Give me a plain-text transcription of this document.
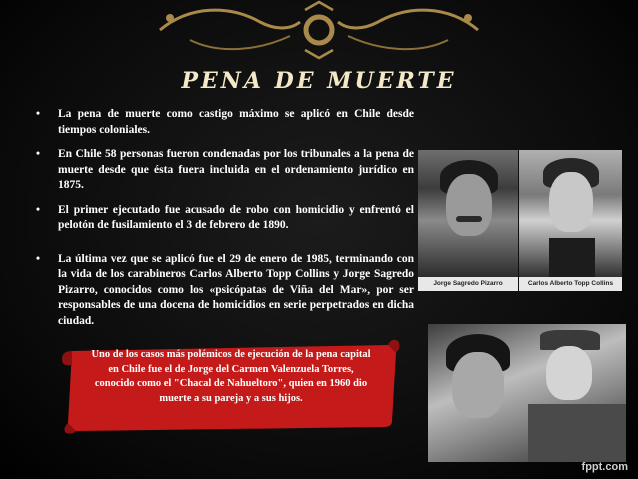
PENA DE MUERTE
• La pena de muerte como castigo máximo se aplicó en Chile desde tiempos coloniales.
• En Chile 58 personas fueron condenadas por los tribunales a la pena de muerte desde que ésta fuera incluida en el ordenamiento jurídico en 1875.
• El primer ejecutado fue acusado de robo con homicidio y enfrentó el pelotón de fusilamiento el 3 de febrero de 1890.
• La última vez que se aplicó fue el 29 de enero de 1985, terminando con la vida de los carabineros Carlos Alberto Topp Collins y Jorge Sagredo Pizarro, conocidos como los «psicópatas de Viña del Mar», por ser responsables de una docena de homicidios en serie perpetrados en dicha ciudad.
Jorge Sagredo Pizarro	Carlos Alberto Topp Collins
Uno de los casos más polémicos de ejecución de la pena capital en Chile fue el de Jorge del Carmen Valenzuela Torres, conocido como el "Chacal de Nahueltoro", quien en 1960 dio muerte a su pareja y a sus hijos.
fppt.com
